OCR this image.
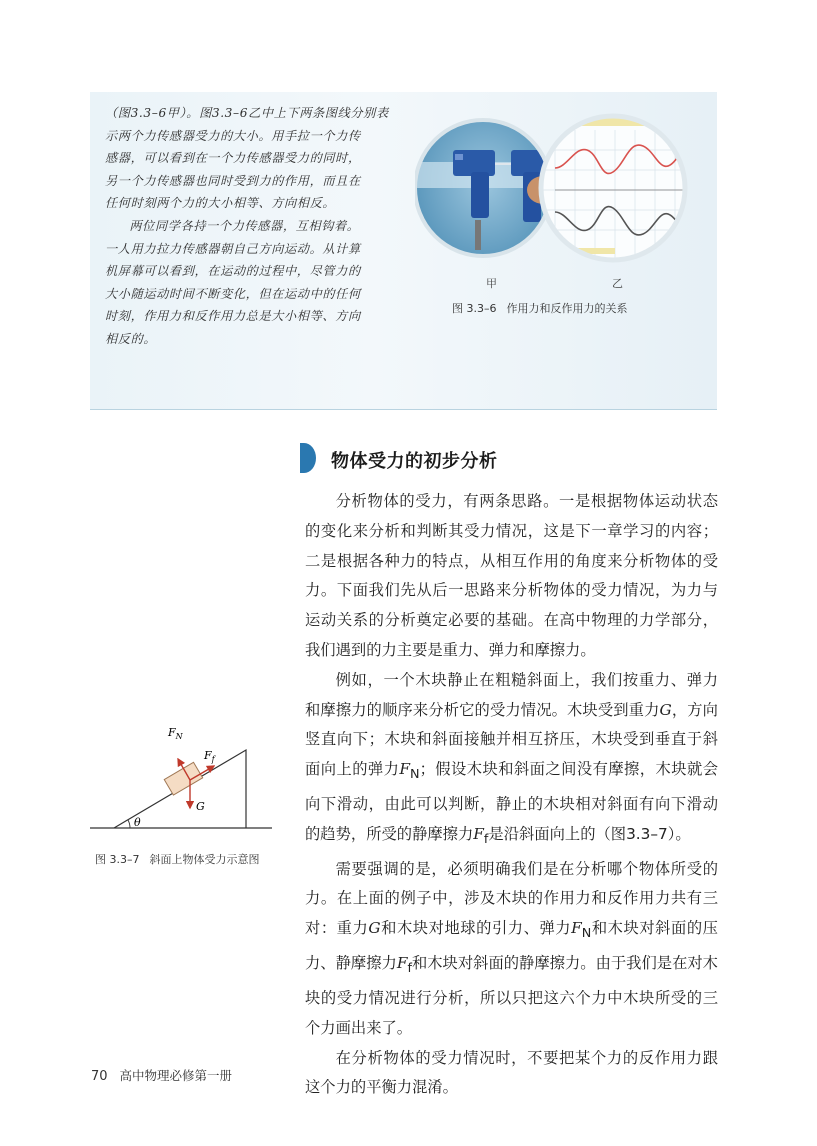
（图3.3–6甲）。图3.3–6乙中上下两条图线分别表

示两个力传感器受力的大小。用手拉一个力传

感器，可以看到在一个力传感器受力的同时，

另一个力传感器也同时受到力的作用，而且在

任何时刻两个力的大小相等、方向相反。

两位同学各持一个力传感器，互相钩着。

一人用力拉力传感器朝自己方向运动。从计算

机屏幕可以看到，在运动的过程中，尽管力的

大小随运动时间不断变化，但在运动中的任何

时刻，作用力和反作用力总是大小相等、方向

相反的。

甲	乙
图 3.3–6 作用力和反作用力的关系
物体受力的初步分析

分析物体的受力，有两条思路。一是根据物体运动状态的变化来分析和判断其受力情况，这是下一章学习的内容；二是根据各种力的特点，从相互作用的角度来分析物体的受力。下面我们先从后一思路来分析物体的受力情况，为力与运动关系的分析奠定必要的基础。在高中物理的力学部分，我们遇到的力主要是重力、弹力和摩擦力。

例如，一个木块静止在粗糙斜面上，我们按重力、弹力和摩擦力的顺序来分析它的受力情况。木块受到重力G，方向竖直向下；木块和斜面接触并相互挤压，木块受到垂直于斜面向上的弹力$F_N$；假设木块和斜面之间没有摩擦，木块就会向下滑动，由此可以判断，静止的木块相对斜面有向下滑动的趋势，所受的静摩擦力$F_f$是沿斜面向上的（图3.3–7）。

需要强调的是，必须明确我们是在分析哪个物体所受的力。在上面的例子中，涉及木块的作用力和反作用力共有三对：重力G和木块对地球的引力、弹力$F_N$和木块对斜面的压力、静摩擦力$F_f$和木块对斜面的静摩擦力。由于我们是在对木块的受力情况进行分析，所以只把这六个力中木块所受的三个力画出来了。

在分析物体的受力情况时，不要把某个力的反作用力跟这个力的平衡力混淆。

θ
$F_N$
$F_f$
G
图 3.3–7 斜面上物体受力示意图
70 高中物理必修第一册
